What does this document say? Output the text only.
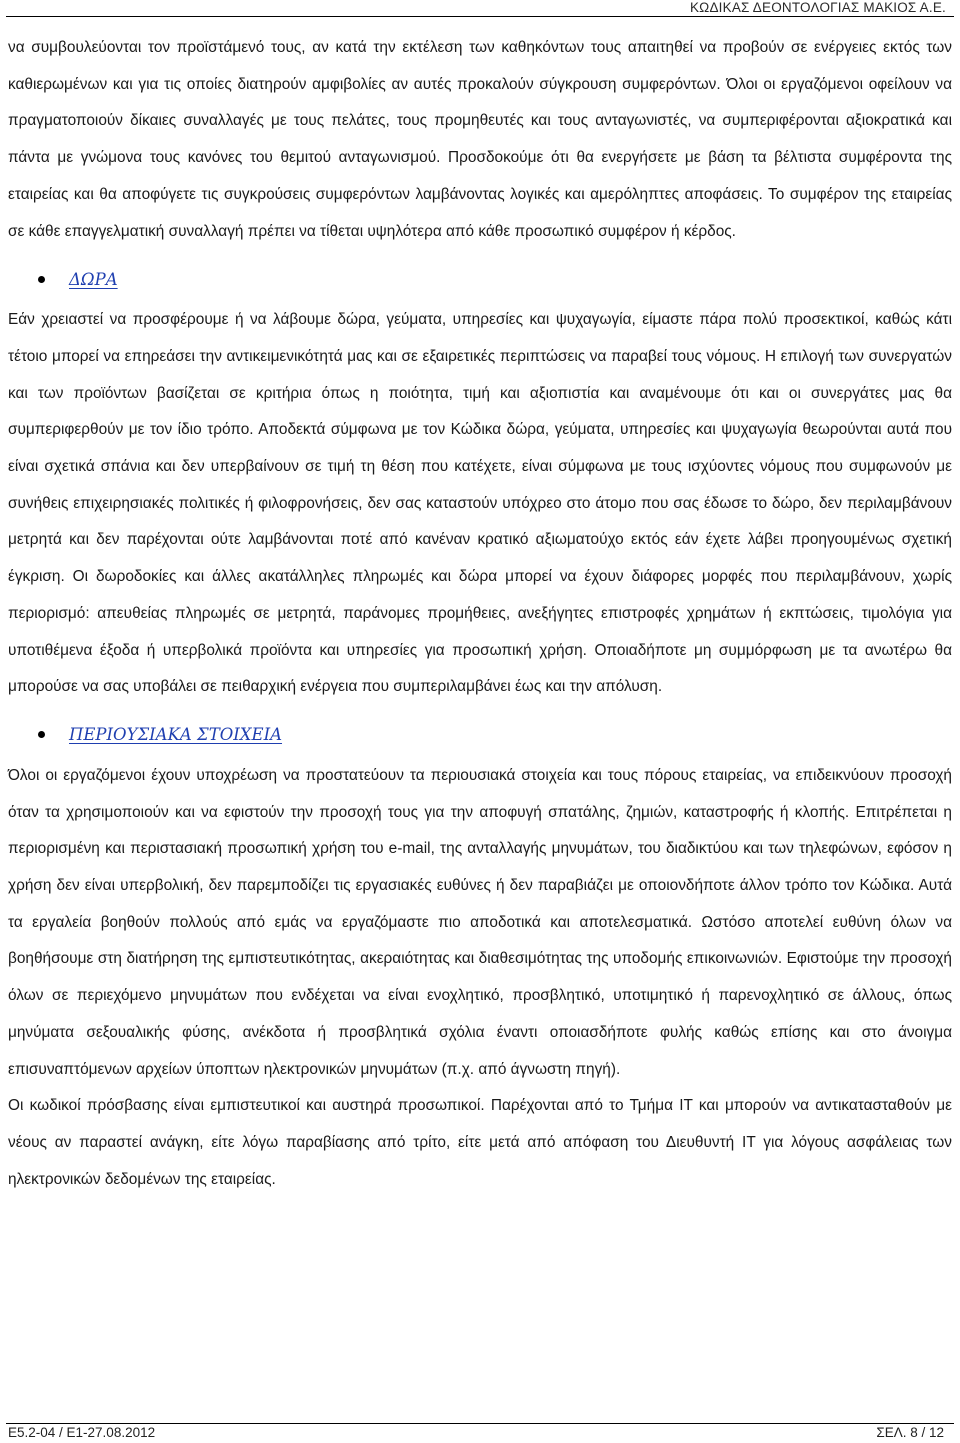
ΚΩΔΙΚΑΣ ΔΕΟΝΤΟΛΟΓΙΑΣ ΜΑΚΙΟΣ Α.Ε.

να συμβουλεύονται τον προϊστάμενό τους, αν κατά την εκτέλεση των καθηκόντων τους απαιτηθεί να προβούν σε ενέργειες εκτός των καθιερωμένων και για τις οποίες διατηρούν αμφιβολίες αν αυτές προκαλούν σύγκρουση συμφερόντων. Όλοι οι εργαζόμενοι οφείλουν να πραγματοποιούν δίκαιες συναλλαγές με τους πελάτες, τους προμηθευτές και τους ανταγωνιστές, να συμπεριφέρονται αξιοκρατικά και πάντα με γνώμονα τους κανόνες του θεμιτού ανταγωνισμού. Προσδοκούμε ότι θα ενεργήσετε με βάση τα βέλτιστα συμφέροντα της εταιρείας και θα αποφύγετε τις συγκρούσεις συμφερόντων λαμβάνοντας λογικές και αμερόληπτες αποφάσεις. Το συμφέρον της εταιρείας σε κάθε επαγγελματική συναλλαγή πρέπει να τίθεται υψηλότερα από κάθε προσωπικό συμφέρον ή κέρδος.

ΔΩΡΑ

Εάν χρειαστεί να προσφέρουμε ή να λάβουμε δώρα, γεύματα, υπηρεσίες και ψυχαγωγία, είμαστε πάρα πολύ προσεκτικοί, καθώς κάτι τέτοιο μπορεί να επηρεάσει την αντικειμενικότητά μας και σε εξαιρετικές περιπτώσεις να παραβεί τους νόμους. Η επιλογή των συνεργατών και των προϊόντων βασίζεται σε κριτήρια όπως η ποιότητα, τιμή και αξιοπιστία και αναμένουμε ότι και οι συνεργάτες μας θα συμπεριφερθούν με τον ίδιο τρόπο. Αποδεκτά σύμφωνα με τον Κώδικα δώρα, γεύματα, υπηρεσίες και ψυχαγωγία θεωρούνται αυτά που είναι σχετικά σπάνια και δεν υπερβαίνουν σε τιμή τη θέση που κατέχετε, είναι σύμφωνα με τους ισχύοντες νόμους που συμφωνούν με συνήθεις επιχειρησιακές πολιτικές ή φιλοφρονήσεις, δεν σας καταστούν υπόχρεο στο άτομο που σας έδωσε το δώρο, δεν περιλαμβάνουν μετρητά και δεν παρέχονται ούτε λαμβάνονται ποτέ από κανέναν κρατικό αξιωματούχο εκτός εάν έχετε λάβει προηγουμένως σχετική έγκριση. Οι δωροδοκίες και άλλες ακατάλληλες πληρωμές και δώρα μπορεί να έχουν διάφορες μορφές που περιλαμβάνουν, χωρίς περιορισμό: απευθείας πληρωμές σε μετρητά, παράνομες προμήθειες, ανεξήγητες επιστροφές χρημάτων ή εκπτώσεις, τιμολόγια για υποτιθέμενα έξοδα ή υπερβολικά προϊόντα και υπηρεσίες για προσωπική χρήση. Οποιαδήποτε μη συμμόρφωση με τα ανωτέρω θα μπορούσε να σας υποβάλει σε πειθαρχική ενέργεια που συμπεριλαμβάνει έως και την απόλυση.

ΠΕΡΙΟΥΣΙΑΚΑ ΣΤΟΙΧΕΙΑ

Όλοι οι εργαζόμενοι έχουν υποχρέωση να προστατεύουν τα περιουσιακά στοιχεία και τους πόρους εταιρείας, να επιδεικνύουν προσοχή όταν τα χρησιμοποιούν και να εφιστούν την προσοχή τους για την αποφυγή σπατάλης, ζημιών, καταστροφής ή κλοπής. Επιτρέπεται η περιορισμένη και περιστασιακή προσωπική χρήση του e-mail, της ανταλλαγής μηνυμάτων, του διαδικτύου και των τηλεφώνων, εφόσον η χρήση δεν είναι υπερβολική, δεν παρεμποδίζει τις εργασιακές ευθύνες ή δεν παραβιάζει με οποιονδήποτε άλλον τρόπο τον Κώδικα. Αυτά τα εργαλεία βοηθούν πολλούς από εμάς να εργαζόμαστε πιο αποδοτικά και αποτελεσματικά. Ωστόσο αποτελεί ευθύνη όλων να βοηθήσουμε στη διατήρηση της εμπιστευτικότητας, ακεραιότητας και διαθεσιμότητας της υποδομής επικοινωνιών. Εφιστούμε την προσοχή όλων σε περιεχόμενο μηνυμάτων που ενδέχεται να είναι ενοχλητικό, προσβλητικό, υποτιμητικό ή παρενοχλητικό σε άλλους, όπως μηνύματα σεξουαλικής φύσης, ανέκδοτα ή προσβλητικά σχόλια έναντι οποιασδήποτε φυλής καθώς επίσης και στο άνοιγμα επισυναπτόμενων αρχείων ύποπτων ηλεκτρονικών μηνυμάτων (π.χ. από άγνωστη πηγή).

Οι κωδικοί πρόσβασης είναι εμπιστευτικοί και αυστηρά προσωπικοί. Παρέχονται από το Τμήμα IT και μπορούν να αντικατασταθούν με νέους αν παραστεί ανάγκη, είτε λόγω παραβίασης από τρίτο, είτε μετά από απόφαση του Διευθυντή IT για λόγους ασφάλειας των ηλεκτρονικών δεδομένων της εταιρείας.

Ε5.2-04 / Ε1-27.08.2012	ΣΕΛ. 8 / 12
